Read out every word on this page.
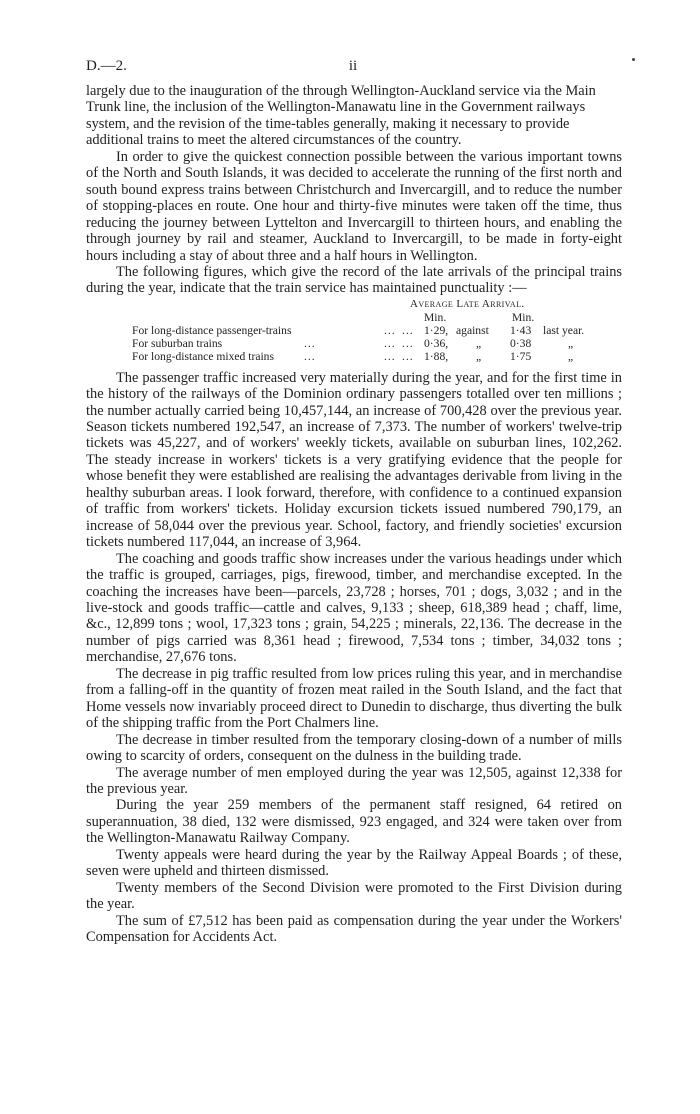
D.—2.	ii

largely due to the inauguration of the through Wellington-Auckland service via the Main Trunk line, the inclusion of the Wellington-Manawatu line in the Government railways system, and the revision of the time-tables generally, making it necessary to provide additional trains to meet the altered circumstances of the country.

In order to give the quickest connection possible between the various important towns of the North and South Islands, it was decided to accelerate the running of the first north and south bound express trains between Christchurch and Invercargill, and to reduce the number of stopping-places en route. One hour and thirty-five minutes were taken off the time, thus reducing the journey between Lyttelton and Invercargill to thirteen hours, and enabling the through journey by rail and steamer, Auckland to Invercargill, to be made in forty-eight hours including a stay of about three and a half hours in Wellington.

The following figures, which give the record of the late arrivals of the principal trains during the year, indicate that the train service has maintained punctuality :—

Average Late Arrival.
Min.	Min.
For long-distance passenger-trains	... ... 1·29, against 1·43 last year.
For suburban trains	...	... ... 0·36, „ 0·38	„
For long-distance mixed trains	...	... ... 1·88, „ 1·75	„

The passenger traffic increased very materially during the year, and for the first time in the history of the railways of the Dominion ordinary passengers totalled over ten millions ; the number actually carried being 10,457,144, an increase of 700,428 over the previous year. Season tickets numbered 192,547, an increase of 7,373. The number of workers' twelve-trip tickets was 45,227, and of workers' weekly tickets, available on suburban lines, 102,262. The steady increase in workers' tickets is a very gratifying evidence that the people for whose benefit they were established are realising the advantages derivable from living in the healthy suburban areas. I look forward, therefore, with confidence to a continued expansion of traffic from workers' tickets. Holiday excursion tickets issued numbered 790,179, an increase of 58,044 over the previous year. School, factory, and friendly societies' excursion tickets numbered 117,044, an increase of 3,964.

The coaching and goods traffic show increases under the various headings under which the traffic is grouped, carriages, pigs, firewood, timber, and merchandise excepted. In the coaching the increases have been—parcels, 23,728 ; horses, 701 ; dogs, 3,032 ; and in the live-stock and goods traffic—cattle and calves, 9,133 ; sheep, 618,389 head ; chaff, lime, &c., 12,899 tons ; wool, 17,323 tons ; grain, 54,225 ; minerals, 22,136. The decrease in the number of pigs carried was 8,361 head ; firewood, 7,534 tons ; timber, 34,032 tons ; merchandise, 27,676 tons.

The decrease in pig traffic resulted from low prices ruling this year, and in merchandise from a falling-off in the quantity of frozen meat railed in the South Island, and the fact that Home vessels now invariably proceed direct to Dunedin to discharge, thus diverting the bulk of the shipping traffic from the Port Chalmers line.

The decrease in timber resulted from the temporary closing-down of a number of mills owing to scarcity of orders, consequent on the dulness in the building trade.

The average number of men employed during the year was 12,505, against 12,338 for the previous year.

During the year 259 members of the permanent staff resigned, 64 retired on superannuation, 38 died, 132 were dismissed, 923 engaged, and 324 were taken over from the Wellington-Manawatu Railway Company.

Twenty appeals were heard during the year by the Railway Appeal Boards ; of these, seven were upheld and thirteen dismissed.

Twenty members of the Second Division were promoted to the First Division during the year.

The sum of £7,512 has been paid as compensation during the year under the Workers' Compensation for Accidents Act.
